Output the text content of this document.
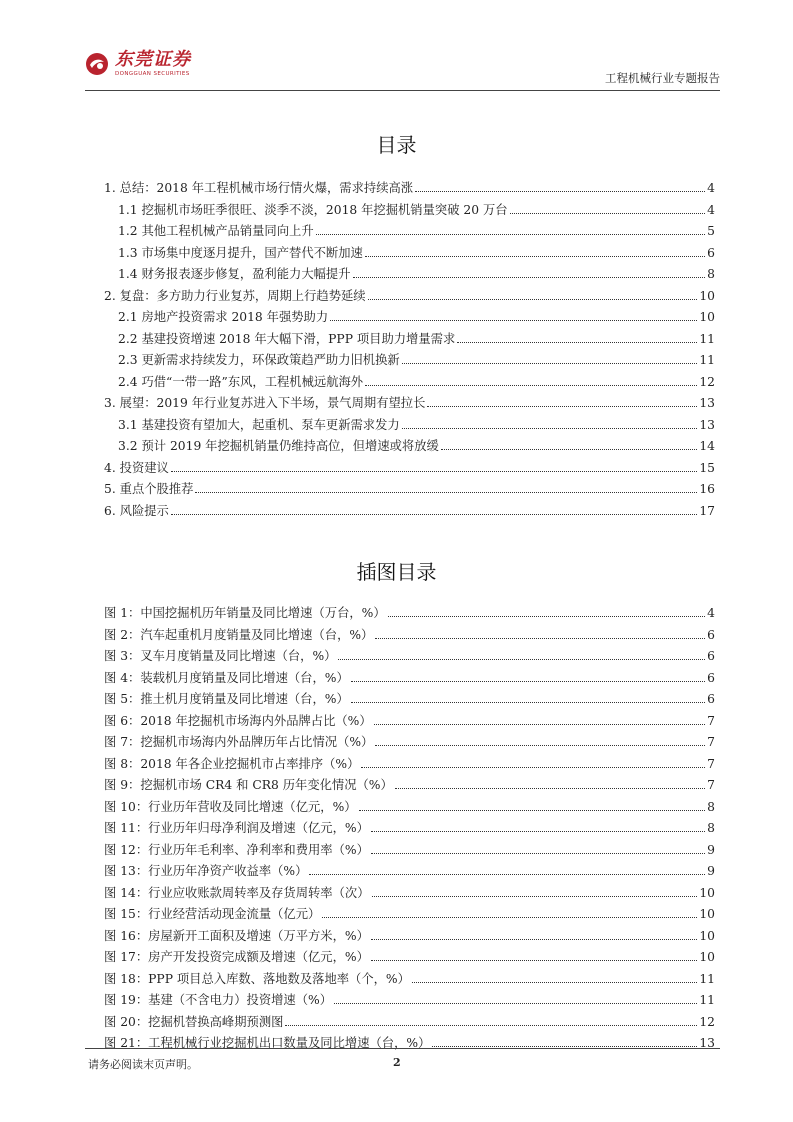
东莞证券
DONGGUAN SECURITIES	工程机械行业专题报告
目录
1. 总结：2018 年工程机械市场行情火爆，需求持续高涨	4
1.1 挖掘机市场旺季很旺、淡季不淡，2018 年挖掘机销量突破 20 万台	4
1.2 其他工程机械产品销量同向上升	5
1.3 市场集中度逐月提升，国产替代不断加速	6
1.4 财务报表逐步修复，盈利能力大幅提升	8
2. 复盘：多方助力行业复苏，周期上行趋势延续	10
2.1 房地产投资需求 2018 年强势助力	10
2.2 基建投资增速 2018 年大幅下滑，PPP 项目助力增量需求	11
2.3 更新需求持续发力，环保政策趋严助力旧机换新	11
2.4 巧借“一带一路”东风，工程机械远航海外	12
3. 展望：2019 年行业复苏进入下半场，景气周期有望拉长	13
3.1 基建投资有望加大，起重机、泵车更新需求发力	13
3.2 预计 2019 年挖掘机销量仍维持高位，但增速或将放缓	14
4. 投资建议	15
5. 重点个股推荐	16
6. 风险提示	17
插图目录
图 1：中国挖掘机历年销量及同比增速（万台，%）	4
图 2：汽车起重机月度销量及同比增速（台，%）	6
图 3：叉车月度销量及同比增速（台，%）	6
图 4：装载机月度销量及同比增速（台，%）	6
图 5：推土机月度销量及同比增速（台，%）	6
图 6：2018 年挖掘机市场海内外品牌占比（%）	7
图 7：挖掘机市场海内外品牌历年占比情况（%）	7
图 8：2018 年各企业挖掘机市占率排序（%）	7
图 9：挖掘机市场 CR4 和 CR8 历年变化情况（%）	7
图 10：行业历年营收及同比增速（亿元，%）	8
图 11：行业历年归母净利润及增速（亿元，%）	8
图 12：行业历年毛利率、净利率和费用率（%）	9
图 13：行业历年净资产收益率（%）	9
图 14：行业应收账款周转率及存货周转率（次）	10
图 15：行业经营活动现金流量（亿元）	10
图 16：房屋新开工面积及增速（万平方米，%）	10
图 17：房产开发投资完成额及增速（亿元，%）	10
图 18：PPP 项目总入库数、落地数及落地率（个，%）	11
图 19：基建（不含电力）投资增速（%）	11
图 20：挖掘机替换高峰期预测图	12
图 21：工程机械行业挖掘机出口数量及同比增速（台，%）	13
请务必阅读末页声明。	2
